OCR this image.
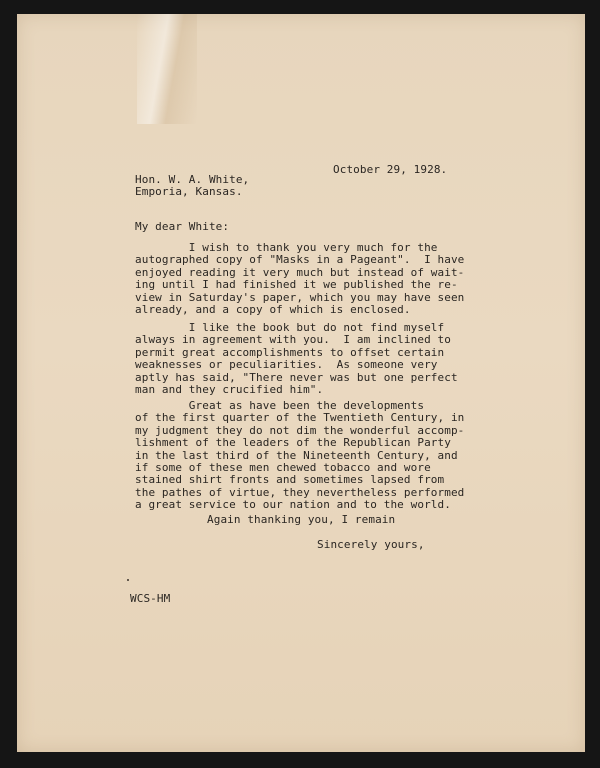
October 29, 1928.
Hon. W. A. White,
Emporia, Kansas.
My dear White:
I wish to thank you very much for the
autographed copy of "Masks in a Pageant".  I have
enjoyed reading it very much but instead of wait-
ing until I had finished it we published the re-
view in Saturday's paper, which you may have seen
already, and a copy of which is enclosed.
I like the book but do not find myself
always in agreement with you.  I am inclined to
permit great accomplishments to offset certain
weaknesses or peculiarities.  As someone very
aptly has said, "There never was but one perfect
man and they crucified him".
Great as have been the developments
of the first quarter of the Twentieth Century, in
my judgment they do not dim the wonderful accomp-
lishment of the leaders of the Republican Party
in the last third of the Nineteenth Century, and
if some of these men chewed tobacco and wore
stained shirt fronts and sometimes lapsed from
the pathes of virtue, they nevertheless performed
a great service to our nation and to the world.
Again thanking you, I remain
Sincerely yours,
WCS-HM
